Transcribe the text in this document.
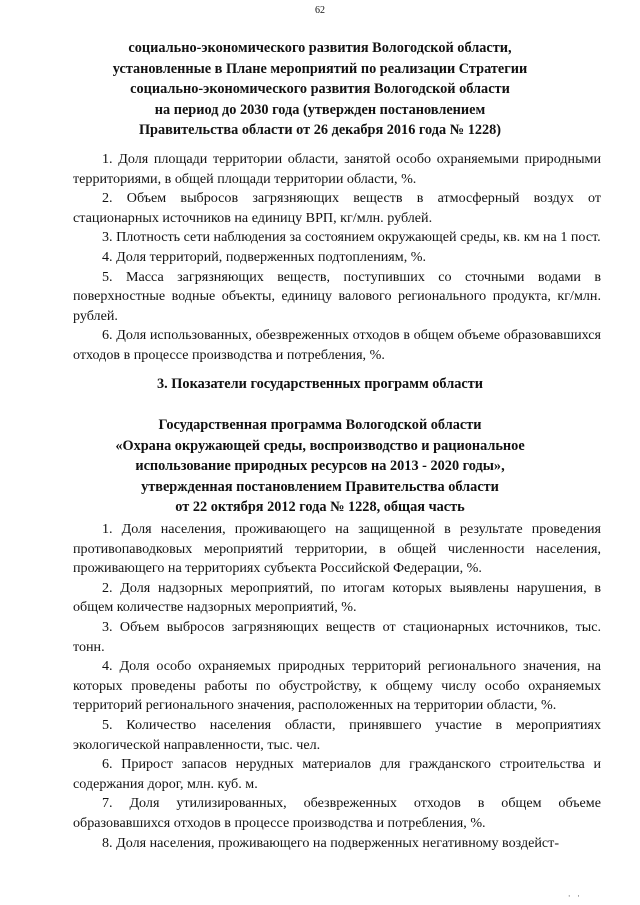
62
социально-экономического развития Вологодской области,
установленные в Плане мероприятий по реализации Стратегии
социально-экономического развития Вологодской области
на период до 2030 года (утвержден постановлением
Правительства области от 26 декабря 2016 года № 1228)
1. Доля площади территории области, занятой особо охраняемыми природными территориями, в общей площади территории области, %.
2. Объем выбросов загрязняющих веществ в атмосферный воздух от стационарных источников на единицу ВРП, кг/млн. рублей.
3. Плотность сети наблюдения за состоянием окружающей среды, кв. км на 1 пост.
4. Доля территорий, подверженных подтоплениям, %.
5. Масса загрязняющих веществ, поступивших со сточными водами в поверхностные водные объекты, единицу валового регионального продукта, кг/млн. рублей.
6. Доля использованных, обезвреженных отходов в общем объеме образовавшихся отходов в процессе производства и потребления, %.
3. Показатели государственных программ области
Государственная программа Вологодской области
«Охрана окружающей среды, воспроизводство и рациональное
использование природных ресурсов на 2013 - 2020 годы»,
утвержденная постановлением Правительства области
от 22 октября 2012 года № 1228, общая часть
1. Доля населения, проживающего на защищенной в результате проведения противопаводковых мероприятий территории, в общей численности населения, проживающего на территориях субъекта Российской Федерации, %.
2. Доля надзорных мероприятий, по итогам которых выявлены нарушения, в общем количестве надзорных мероприятий, %.
3. Объем выбросов загрязняющих веществ от стационарных источников, тыс. тонн.
4. Доля особо охраняемых природных территорий регионального значения, на которых проведены работы по обустройству, к общему числу особо охраняемых территорий регионального значения, расположенных на территории области, %.
5. Количество населения области, принявшего участие в мероприятиях экологической направленности, тыс. чел.
6. Прирост запасов нерудных материалов для гражданского строительства и содержания дорог, млн. куб. м.
7. Доля утилизированных, обезвреженных отходов в общем объеме образовавшихся отходов в процессе производства и потребления, %.
8. Доля населения, проживающего на подверженных негативному воздейст-
· ·
